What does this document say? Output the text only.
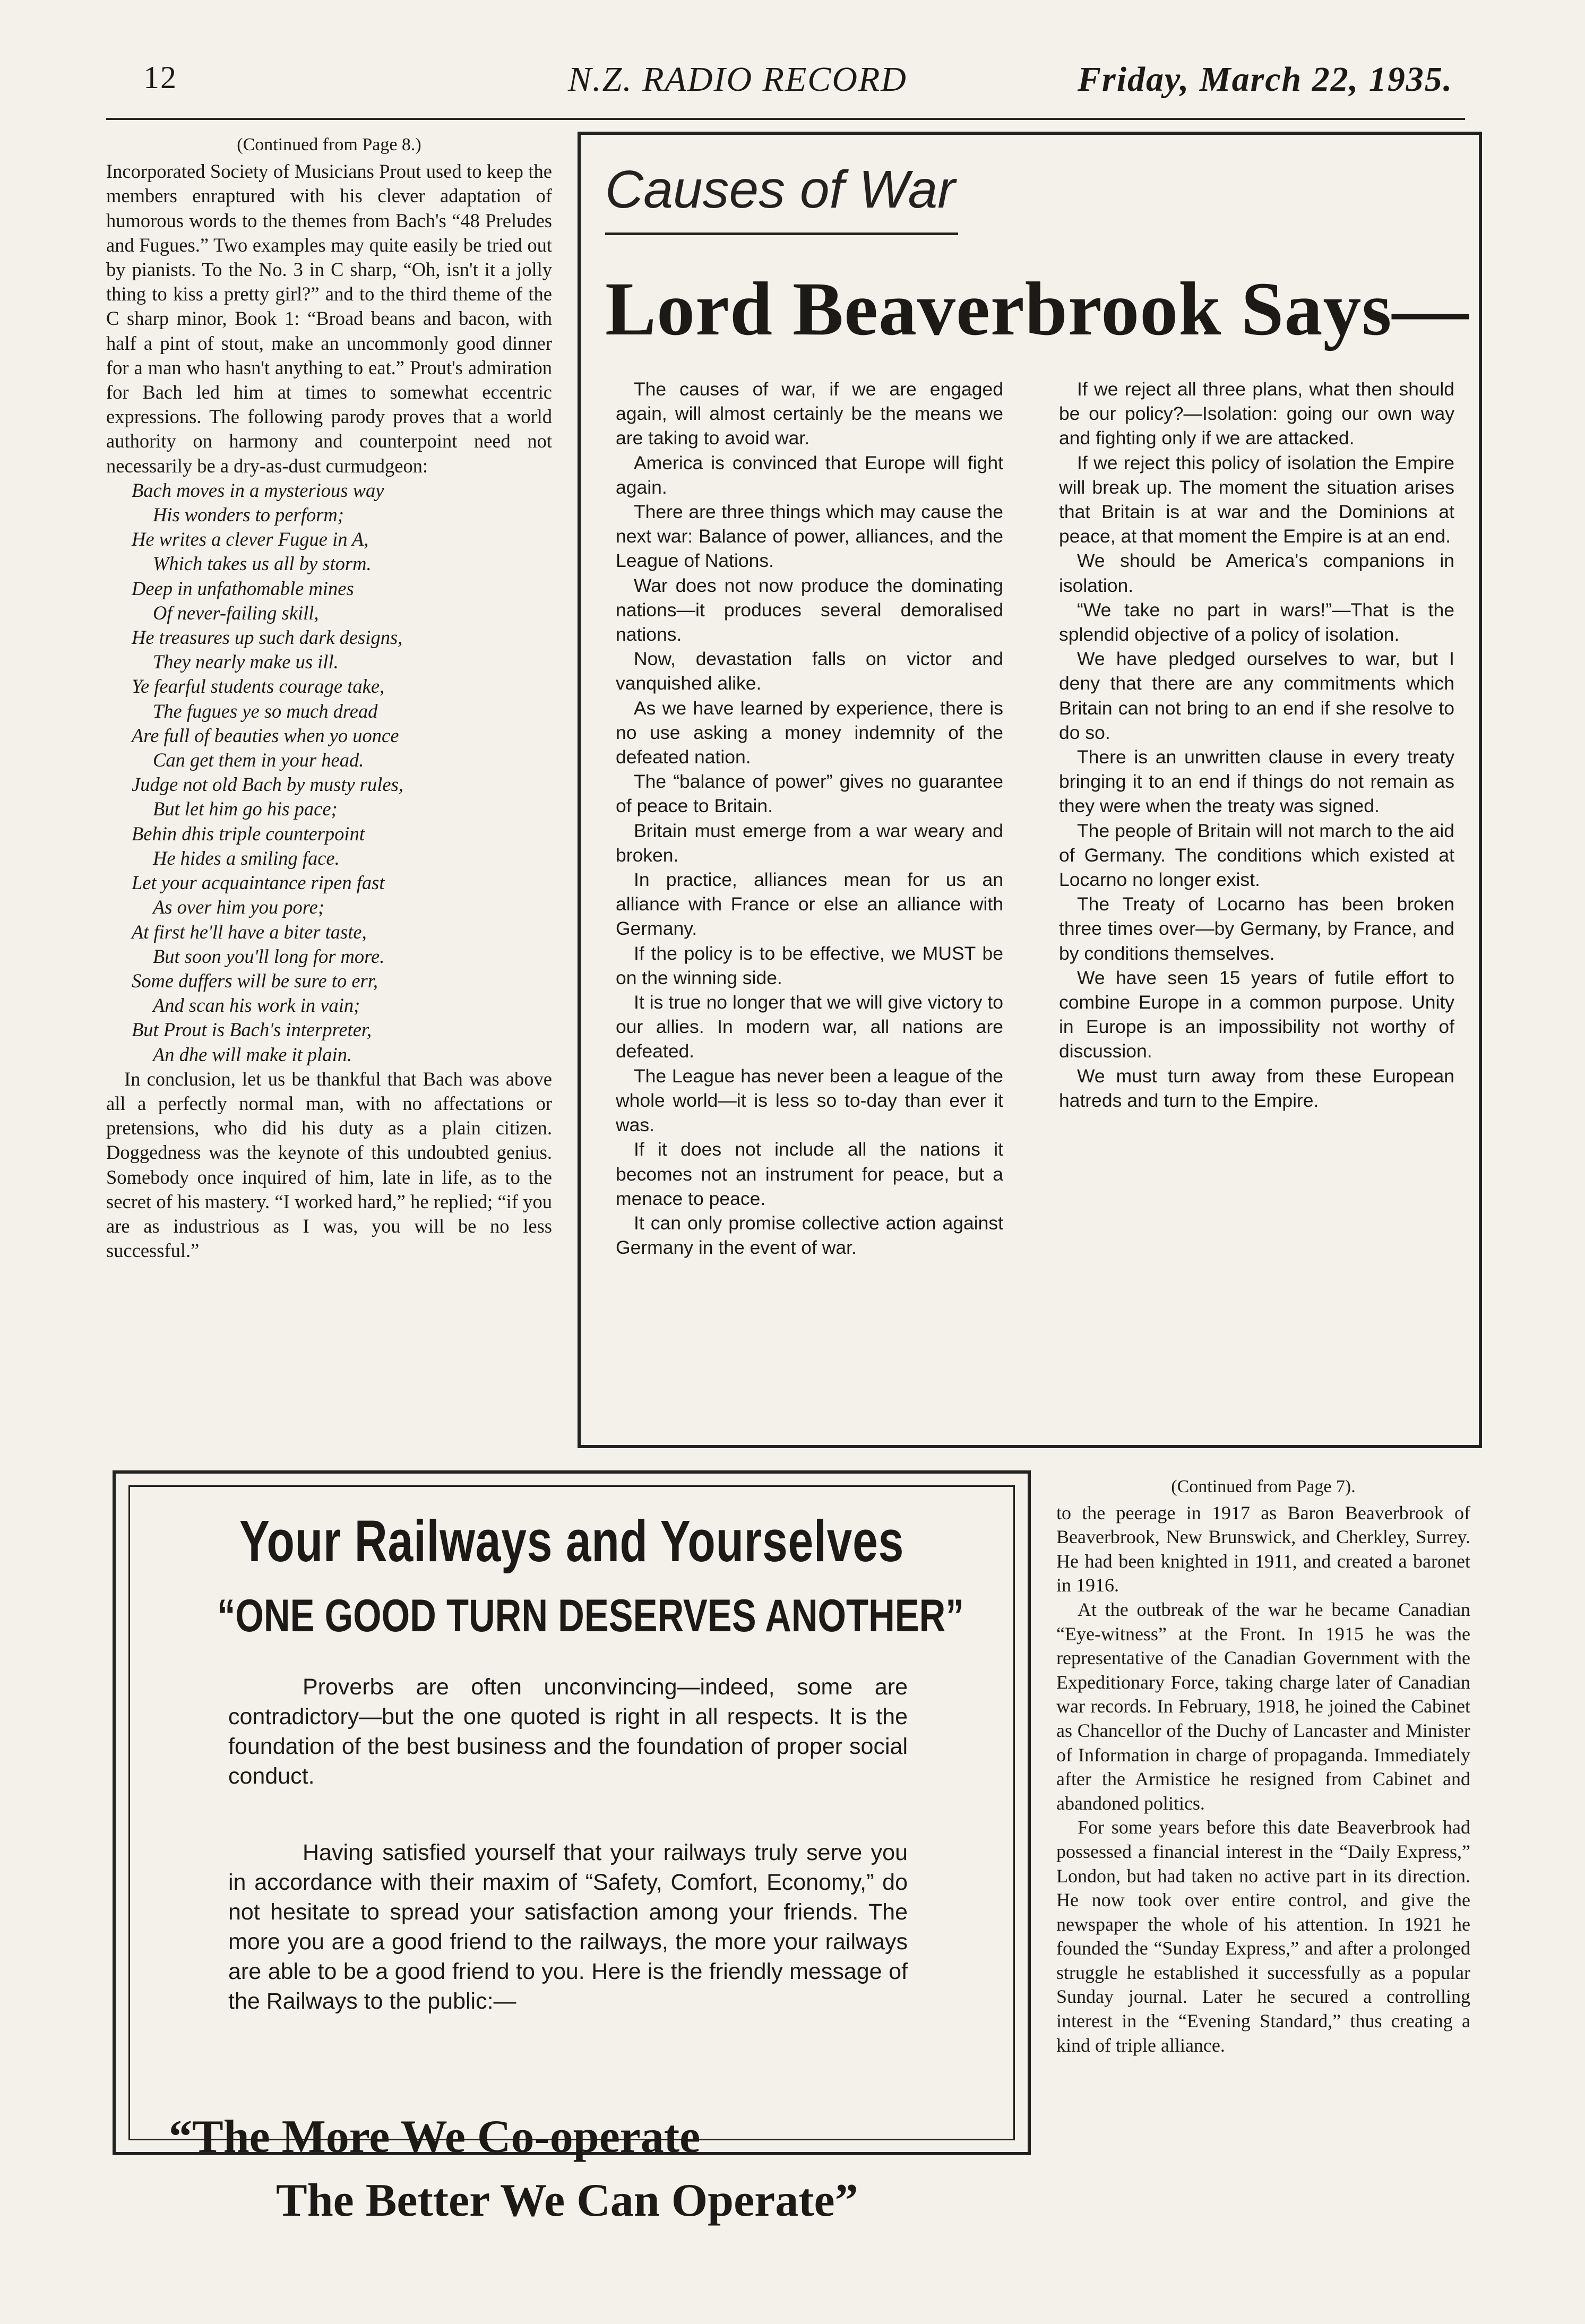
12	N.Z. RADIO RECORD	Friday, March 22, 1935.
(Continued from Page 8.)

Incorporated Society of Musicians Prout used to keep the members enraptured with his clever adaptation of humorous words to the themes from Bach's “48 Preludes and Fugues.” Two examples may quite easily be tried out by pianists. To the No. 3 in C sharp, “Oh, isn't it a jolly thing to kiss a pretty girl?” and to the third theme of the C sharp minor, Book 1: “Broad beans and bacon, with half a pint of stout, make an uncommonly good dinner for a man who hasn't anything to eat.” Prout's admiration for Bach led him at times to somewhat eccentric expressions. The following parody proves that a world authority on harmony and counterpoint need not necessarily be a dry-as-dust curmudgeon:

Bach moves in a mysterious way
His wonders to perform;
He writes a clever Fugue in A,
Which takes us all by storm.
Deep in unfathomable mines
Of never-failing skill,
He treasures up such dark designs,
They nearly make us ill.
Ye fearful students courage take,
The fugues ye so much dread
Are full of beauties when yo uonce
Can get them in your head.
Judge not old Bach by musty rules,
But let him go his pace;
Behin dhis triple counterpoint
He hides a smiling face.
Let your acquaintance ripen fast
As over him you pore;
At first he'll have a biter taste,
But soon you'll long for more.
Some duffers will be sure to err,
And scan his work in vain;
But Prout is Bach's interpreter,
An dhe will make it plain.

In conclusion, let us be thankful that Bach was above all a perfectly normal man, with no affectations or pretensions, who did his duty as a plain citizen. Doggedness was the keynote of this undoubted genius. Somebody once inquired of him, late in life, as to the secret of his mastery. “I worked hard,” he replied; “if you are as industrious as I was, you will be no less successful.”

Causes of War
Lord Beaverbrook Says—

The causes of war, if we are engaged again, will almost certainly be the means we are taking to avoid war.

America is convinced that Europe will fight again.

There are three things which may cause the next war: Balance of power, alliances, and the League of Nations.

War does not now produce the dominating nations—it produces several demoralised nations.

Now, devastation falls on victor and vanquished alike.

As we have learned by experience, there is no use asking a money indemnity of the defeated nation.

The “balance of power” gives no guarantee of peace to Britain.

Britain must emerge from a war weary and broken.

In practice, alliances mean for us an alliance with France or else an alliance with Germany.

If the policy is to be effective, we MUST be on the winning side.

It is true no longer that we will give victory to our allies. In modern war, all nations are defeated.

The League has never been a league of the whole world—it is less so to-day than ever it was.

If it does not include all the nations it becomes not an instrument for peace, but a menace to peace.

It can only promise collective action against Germany in the event of war.

If we reject all three plans, what then should be our policy?—Isolation: going our own way and fighting only if we are attacked.

If we reject this policy of isolation the Empire will break up. The moment the situation arises that Britain is at war and the Dominions at peace, at that moment the Empire is at an end.

We should be America's companions in isolation.

“We take no part in wars!”—That is the splendid objective of a policy of isolation.

We have pledged ourselves to war, but I deny that there are any commitments which Britain can not bring to an end if she resolve to do so.

There is an unwritten clause in every treaty bringing it to an end if things do not remain as they were when the treaty was signed.

The people of Britain will not march to the aid of Germany. The conditions which existed at Locarno no longer exist.

The Treaty of Locarno has been broken three times over—by Germany, by France, and by conditions themselves.

We have seen 15 years of futile effort to combine Europe in a common purpose. Unity in Europe is an impossibility not worthy of discussion.

We must turn away from these European hatreds and turn to the Empire.

Your Railways and Yourselves
“ONE GOOD TURN DESERVES ANOTHER”

Proverbs are often unconvincing—indeed, some are contradictory—but the one quoted is right in all respects. It is the foundation of the best business and the foundation of proper social conduct.

Having satisfied yourself that your railways truly serve you in accordance with their maxim of “Safety, Comfort, Economy,” do not hesitate to spread your satisfaction among your friends. The more you are a good friend to the railways, the more your railways are able to be a good friend to you. Here is the friendly message of the Railways to the public:—

“The More We Co-operate
The Better We Can Operate”
(Continued from Page 7).

to the peerage in 1917 as Baron Beaverbrook of Beaverbrook, New Brunswick, and Cherkley, Surrey. He had been knighted in 1911, and created a baronet in 1916.

At the outbreak of the war he became Canadian “Eye-witness” at the Front. In 1915 he was the representative of the Canadian Government with the Expeditionary Force, taking charge later of Canadian war records. In February, 1918, he joined the Cabinet as Chancellor of the Duchy of Lancaster and Minister of Information in charge of propaganda. Immediately after the Armistice he resigned from Cabinet and abandoned politics.

For some years before this date Beaverbrook had possessed a financial interest in the “Daily Express,” London, but had taken no active part in its direction. He now took over entire control, and give the newspaper the whole of his attention. In 1921 he founded the “Sunday Express,” and after a prolonged struggle he established it successfully as a popular Sunday journal. Later he secured a controlling interest in the “Evening Standard,” thus creating a kind of triple alliance.
